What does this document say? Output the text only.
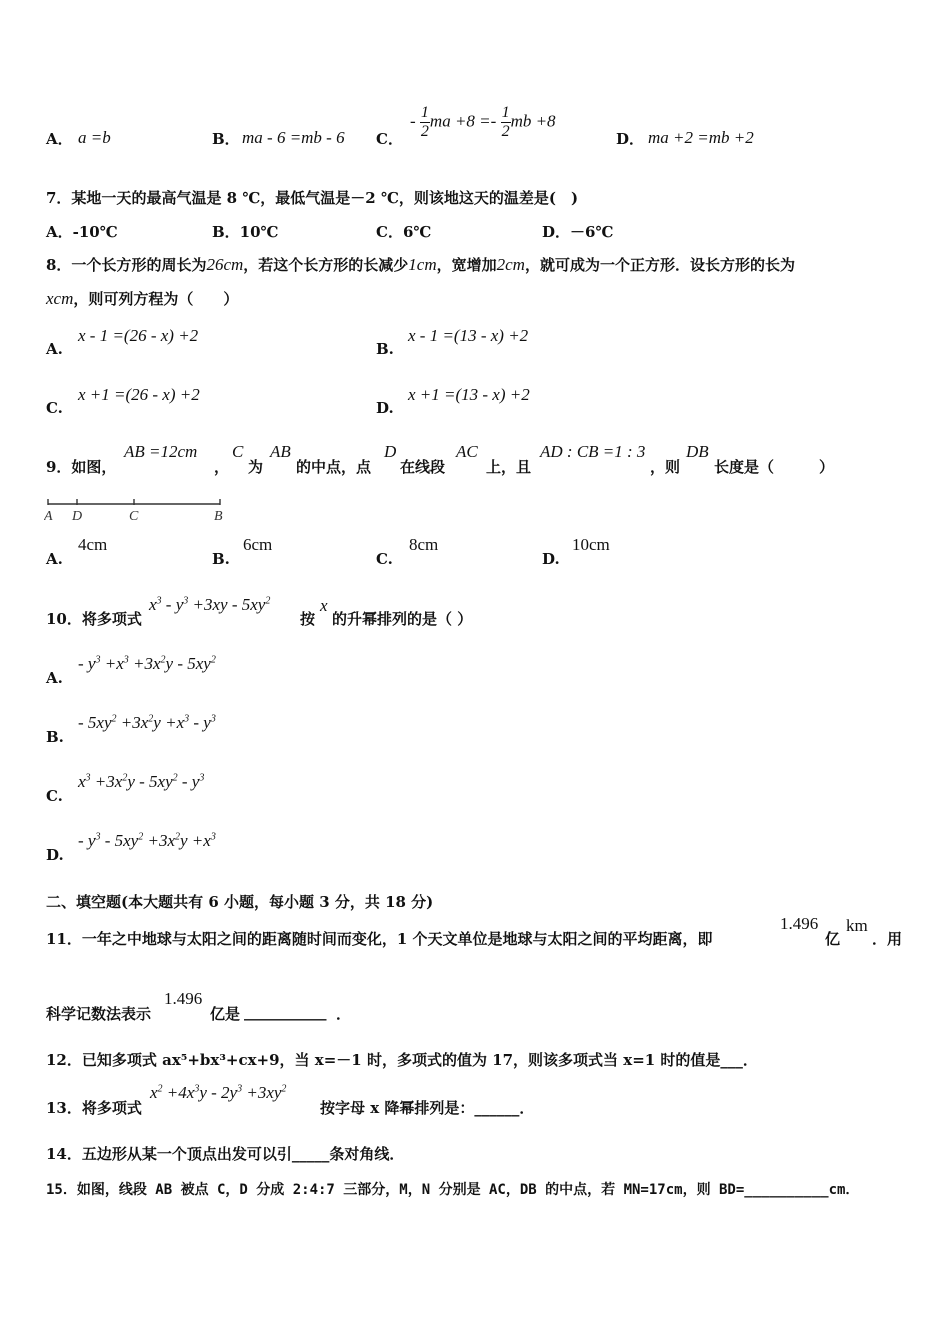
A． a =b	B． ma - 6 =mb - 6 C．
- $\frac{1}{2}$ ma $+8 =- \frac{1}{2}$ mb +8
D． ma +2 =mb +2
7．某地一天的最高气温是 8 ℃，最低气温是－2 ℃，则该地这天的温差是(　)
A．-10℃	B．10℃	C．6℃	D．－6℃
8．一个长方形的周长为26cm，若这个长方形的长减少1cm，宽增加2cm，就可成为一个正方形．设长方形的长为
xcm，则可列方程为（　　）
A.
x - 1 =(26 - x) +2
B.
x - 1 =(13 - x) +2
C.
x +1 =(26 - x) +2
D.
x +1 =(13 - x) +2
9．如图，
AB =12cm
，
C
为
AB
的中点，点
D
在线段
AC
上，且
AD : CB =1 : 3
，则
DB
长度是（　　　）
A D	C	B
A.
4cm
B.
6cm
C.
8cm
D.
10cm
10．将多项式
$x^3 - y^3 +3xy - 5xy^2$
按
x
的升幂排列的是（ ）
A.
- $y^3 +x^3 +3x^2y - 5xy^2$
B.
- $5xy^2 +3x^2y +x^3 - y^3$
C.
$x^3 +3x^2y - 5xy^2 - y^3$
D.
- $y^3 - 5xy^2 +3x^2y +x^3$
二、填空题(本大题共有 6 小题，每小题 3 分，共 18 分)
11．一年之中地球与太阳之间的距离随时间而变化，1 个天文单位是地球与太阳之间的平均距离，即
1.496
亿
km
．用
科学记数法表示
1.496
亿是 ___________ ．
12．已知多项式 ax⁵+bx³+cx+9，当 x=－1 时，多项式的值为 17，则该多项式当 x=1 时的值是___．
13．将多项式
$x^2 +4x^3y - 2y^3 +3xy^2$
按字母 x 降幂排列是：______．
14．五边形从某一个顶点出发可以引_____条对角线．
15．如图，线段 AB 被点 C，D 分成 2:4:7 三部分，M，N 分别是 AC，DB 的中点，若 MN=17cm，则 BD=__________cm．
